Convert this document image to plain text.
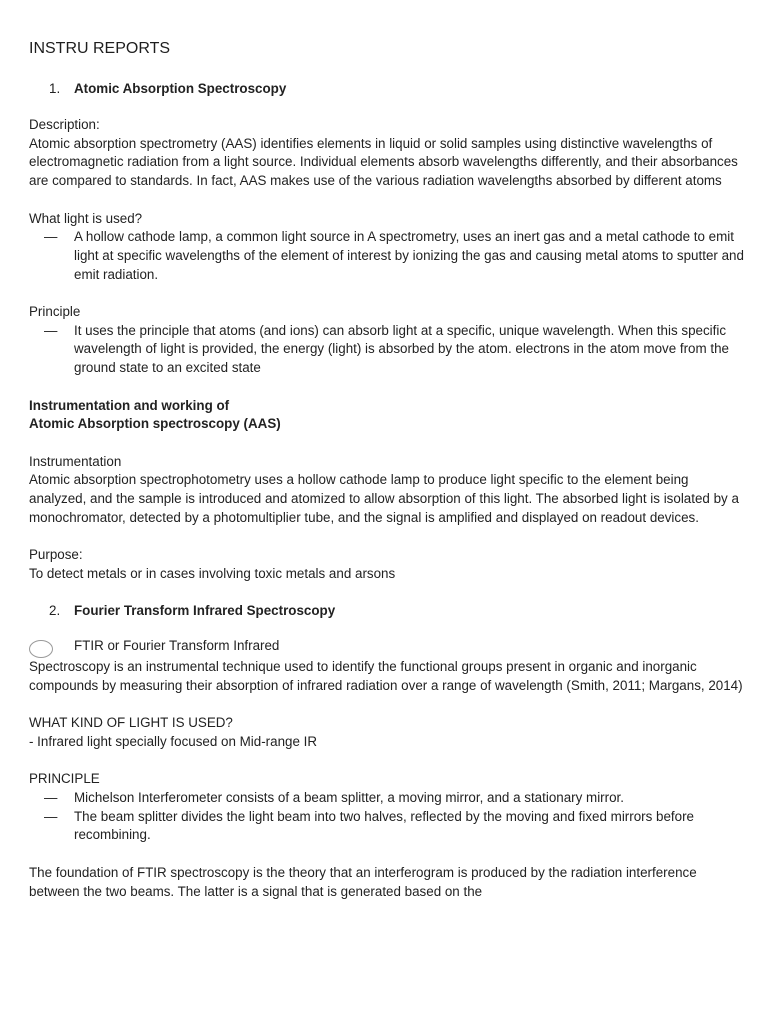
INSTRU REPORTS
1.	Atomic Absorption Spectroscopy

Description:

Atomic absorption spectrometry (AAS) identifies elements in liquid or solid samples using distinctive wavelengths of electromagnetic radiation from a light source. Individual elements absorb wavelengths differently, and their absorbances are compared to standards. In fact, AAS makes use of the various radiation wavelengths absorbed by different atoms

What light is used?

—	A hollow cathode lamp, a common light source in A spectrometry, uses an inert gas and a metal cathode to emit light at specific wavelengths of the element of interest by ionizing the gas and causing metal atoms to sputter and emit radiation.

Principle

—	It uses the principle that atoms (and ions) can absorb light at a specific, unique wavelength. When this specific wavelength of light is provided, the energy (light) is absorbed by the atom. electrons in the atom move from the ground state to an excited state

Instrumentation and working of

Atomic Absorption spectroscopy (AAS)

Instrumentation

Atomic absorption spectrophotometry uses a hollow cathode lamp to produce light specific to the element being analyzed, and the sample is introduced and atomized to allow absorption of this light. The absorbed light is isolated by a monochromator, detected by a photomultiplier tube, and the signal is amplified and displayed on readout devices.

Purpose:

To detect metals or in cases involving toxic metals and arsons

2.	Fourier Transform Infrared Spectroscopy
FTIR or Fourier Transform Infrared

Spectroscopy is an instrumental technique used to identify the functional groups present in organic and inorganic compounds by measuring their absorption of infrared radiation over a range of wavelength (Smith, 2011; Margans, 2014)

WHAT KIND OF LIGHT IS USED?

- Infrared light specially focused on Mid-range IR

PRINCIPLE

—	Michelson Interferometer consists of a beam splitter, a moving mirror, and a stationary mirror.
—	The beam splitter divides the light beam into two halves, reflected by the moving and fixed mirrors before recombining.

The foundation of FTIR spectroscopy is the theory that an interferogram is produced by the radiation interference between the two beams. The latter is a signal that is generated based on the
